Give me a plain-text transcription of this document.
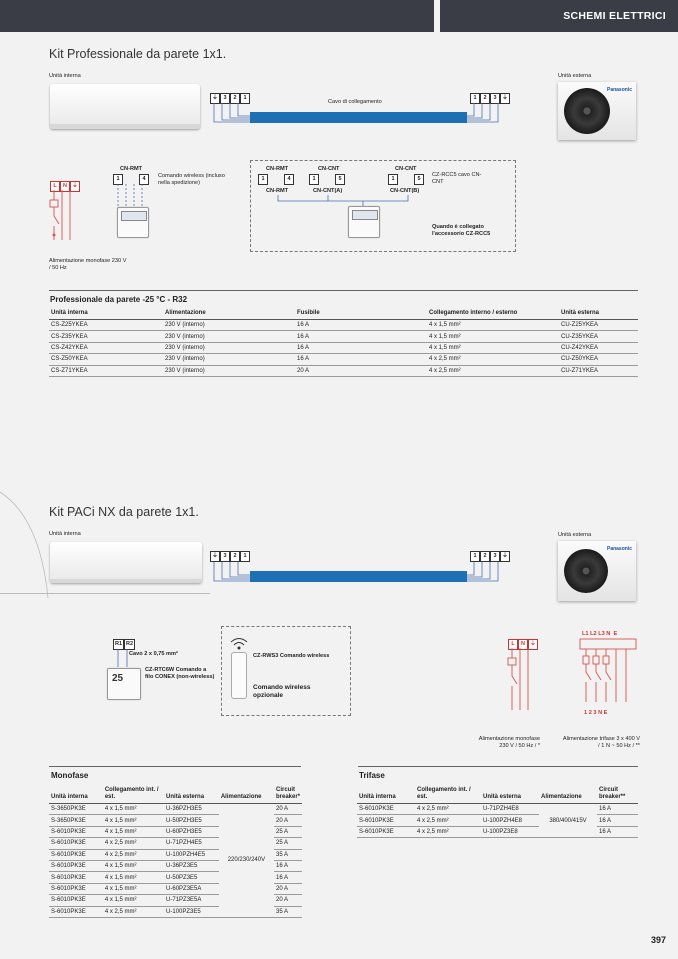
SCHEMI ELETTRICI
Kit Professionale da parete 1x1.
Unità interna	Unità esterna
⏚	3	2	1	1	2	3	⏚
Cavo di collegamento
Panasonic
L	N ⏚
Alimentazione monofase 230 V / 50 Hz
CN-RMT
1	4	Comando wireless (incluso nella spedizione)
CN-RMT	CN-CNT	CN-CNT
1	4	1	5	1	5
CN-RMT	CN-CNT(A)	CN-CNT(B)
CZ-RCC5 cavo CN-CNT
Quando è collegato l'accessorio CZ-RCC5
Professionale da parete -25 °C - R32
Unità interna	Alimentazione	Fusibile	Collegamento interno / esterno	Unità esterna
CS-Z25YKEA	230 V (interno)	16 A	4 x 1,5 mm²	CU-Z25YKEA
CS-Z35YKEA	230 V (interno)	16 A	4 x 1,5 mm²	CU-Z35YKEA
CS-Z42YKEA	230 V (interno)	16 A	4 x 1,5 mm²	CU-Z42YKEA
CS-Z50YKEA	230 V (interno)	16 A	4 x 2,5 mm²	CU-Z50YKEA
CS-Z71YKEA	230 V (interno)	20 A	4 x 2,5 mm²	CU-Z71YKEA
Kit PACi NX da parete 1x1.
Unità interna	Unità esterna
⏚	3	2	1	1	2	3	⏚
Panasonic
R1 R2
Cavo 2 x 0,75 mm²
25
CZ-RTC6W Comando a filo CONEX (non-wireless)
CZ-RWS3 Comando wireless
Comando wireless opzionale
L	N ⏚
L1 L2 L3 N E
1 2 3 N E
Alimentazione monofase 230 V / 50 Hz / *
Alimentazione trifase 3 x 400 V / 1 N ~ 50 Hz / **
Monofase
Unità interna	Collegamento int. / est.	Unità esterna	Alimentazione	Circuit breaker*
S-3650PK3E	4 x 1,5 mm²	U-36PZH3E5	220/230/240V	20 A
S-3650PK3E	4 x 1,5 mm²	U-50PZH3E5		20 A
S-6010PK3E	4 x 1,5 mm²	U-60PZH3E5		25 A
S-6010PK3E	4 x 2,5 mm²	U-71PZH4E5		25 A
S-6010PK3E	4 x 2,5 mm²	U-100PZH4E5		35 A
S-6010PK3E	4 x 1,5 mm²	U-36PZ3E5		16 A
S-6010PK3E	4 x 1,5 mm²	U-50PZ3E5		16 A
S-6010PK3E	4 x 1,5 mm²	U-60PZ3E5A		20 A
S-6010PK3E	4 x 1,5 mm²	U-71PZ3E5A		20 A
S-6010PK3E	4 x 2,5 mm²	U-100PZ3E5		35 A
Trifase
Unità interna	Collegamento int. / est.	Unità esterna	Alimentazione	Circuit breaker**
S-6010PK3E	4 x 2,5 mm²	U-71PZH4E8	380/400/415V	16 A
S-6010PK3E	4 x 2,5 mm²	U-100PZH4E8		16 A
S-6010PK3E	4 x 2,5 mm²	U-100PZ3E8		16 A
397
